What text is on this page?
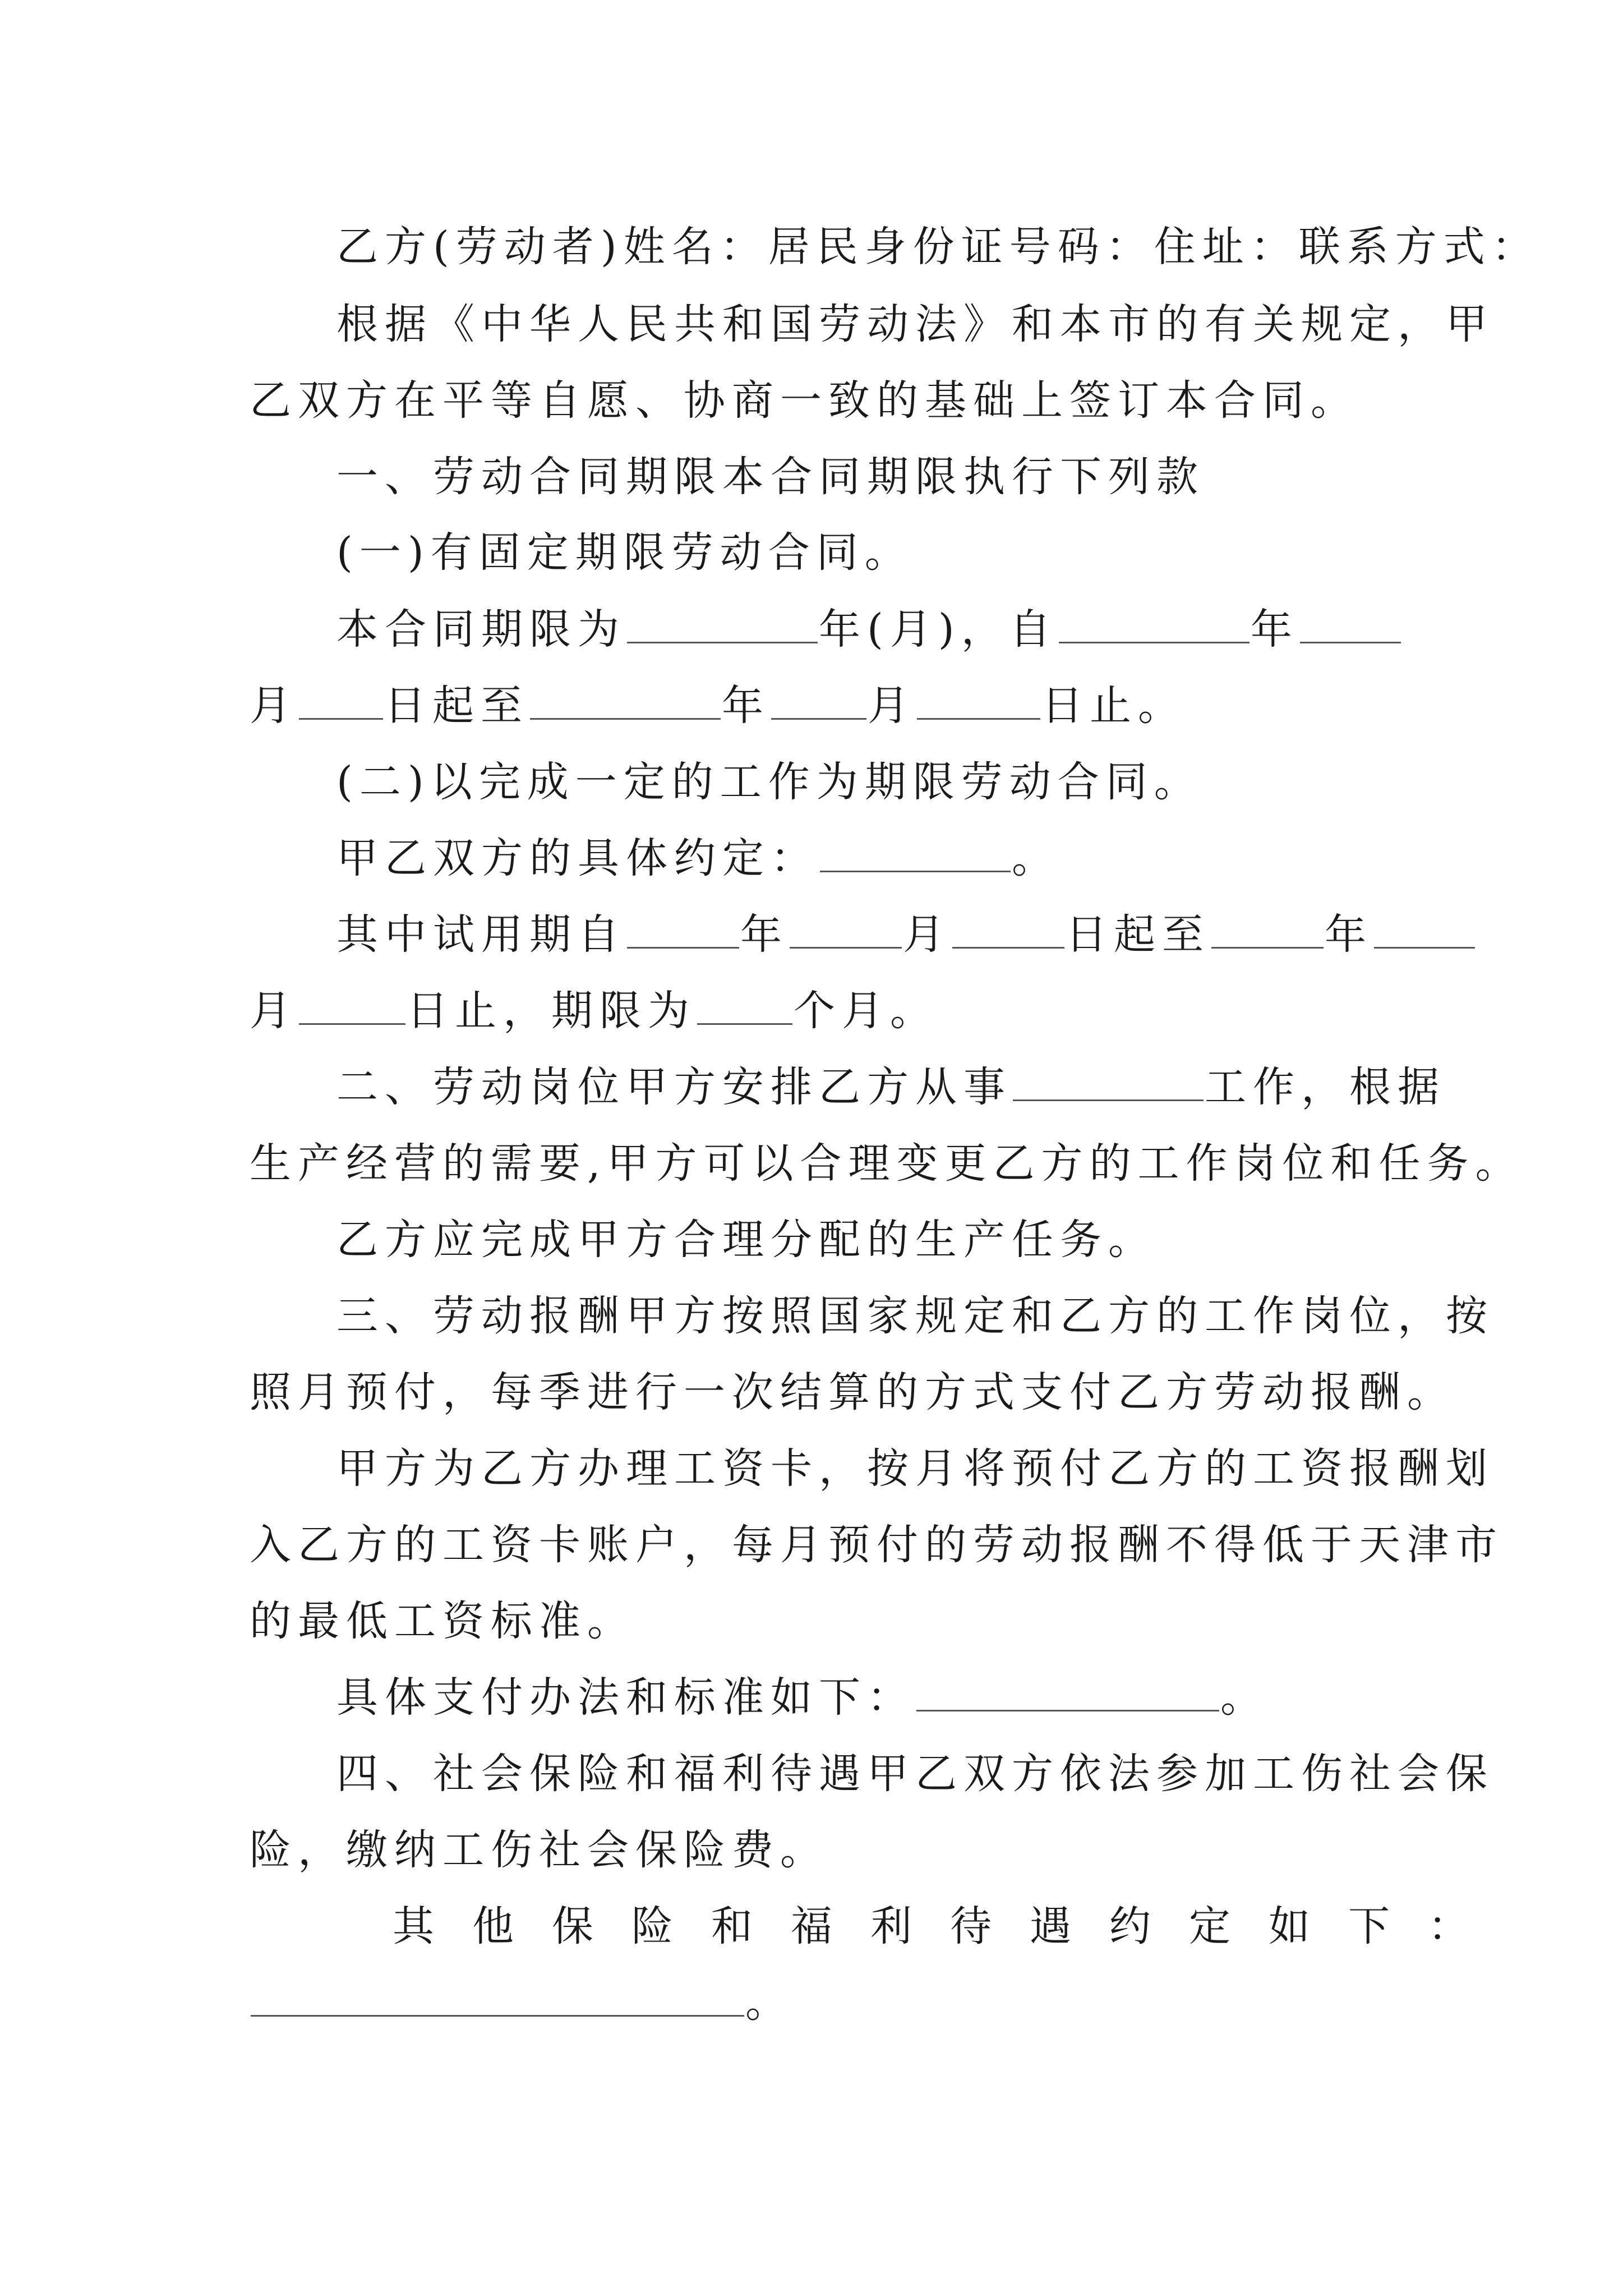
乙方(劳动者)姓名：居民身份证号码：住址：联系方式：
根据《中华人民共和国劳动法》和本市的有关规定，甲
乙双方在平等自愿、协商一致的基础上签订本合同。
一、劳动合同期限本合同期限执行下列款
(一)有固定期限劳动合同。
本合同期限为	年(月)，自	年
月 日起至	年 月	日止。
(二)以完成一定的工作为期限劳动合同。
甲乙双方的具体约定：	。
其中试用期自	年	月	日起至	年
月	日止，期限为 个月。
二、劳动岗位甲方安排乙方从事	工作，根据
生产经营的需要,甲方可以合理变更乙方的工作岗位和任务。
乙方应完成甲方合理分配的生产任务。
三、劳动报酬甲方按照国家规定和乙方的工作岗位，按
照月预付，每季进行一次结算的方式支付乙方劳动报酬。
甲方为乙方办理工资卡，按月将预付乙方的工资报酬划
入乙方的工资卡账户，每月预付的劳动报酬不得低于天津市
的最低工资标准。
具体支付办法和标准如下：	。
四、社会保险和福利待遇甲乙双方依法参加工伤社会保
险，缴纳工伤社会保险费。
其他保险和福利待遇约定如下：
。
